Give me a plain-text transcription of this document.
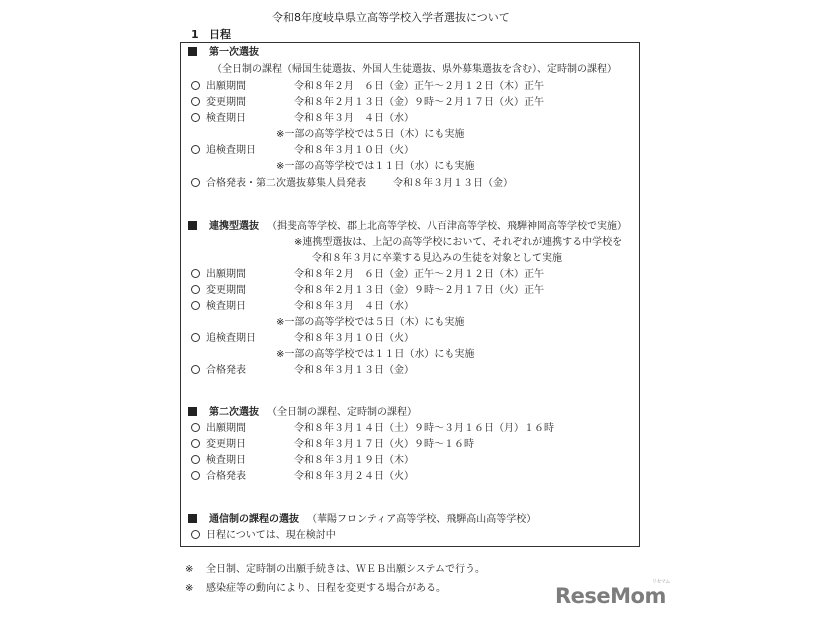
令和8年度岐阜県立高等学校入学者選抜について
1 日程
第一次選抜
（全日制の課程（帰国生徒選抜、外国人生徒選抜、県外募集選抜を含む）、定時制の課程）
出願期間	令和８年２月　６日（金）正午～２月１２日（木）正午
変更期間	令和８年２月１３日（金）９時～２月１７日（火）正午
検査期日	令和８年３月　４日（水）
※一部の高等学校では５日（木）にも実施
追検査期日	令和８年３月１０日（火）
※一部の高等学校では１１日（水）にも実施
合格発表・第二次選抜募集人員発表	令和８年３月１３日（金）
連携型選抜 （揖斐高等学校、郡上北高等学校、八百津高等学校、飛騨神岡高等学校で実施）
※連携型選抜は、上記の高等学校において、それぞれが連携する中学校を
令和８年３月に卒業する見込みの生徒を対象として実施
出願期間	令和８年２月　６日（金）正午～２月１２日（木）正午
変更期間	令和８年２月１３日（金）９時～２月１７日（火）正午
検査期日	令和８年３月　４日（水）
※一部の高等学校では５日（木）にも実施
追検査期日	令和８年３月１０日（火）
※一部の高等学校では１１日（水）にも実施
合格発表	令和８年３月１３日（金）
第二次選抜 （全日制の課程、定時制の課程）
出願期間	令和８年３月１４日（土）９時～３月１６日（月）１６時
変更期日	令和８年３月１７日（火）９時～１６時
検査期日	令和８年３月１９日（木）
合格発表	令和８年３月２４日（火）
通信制の課程の選抜 （華陽フロンティア高等学校、飛騨高山高等学校）
日程については、現在検討中
※ 全日制、定時制の出願手続きは、ＷＥＢ出願システムで行う。
※ 感染症等の動向により、日程を変更する場合がある。	ReseMom
リセマム
